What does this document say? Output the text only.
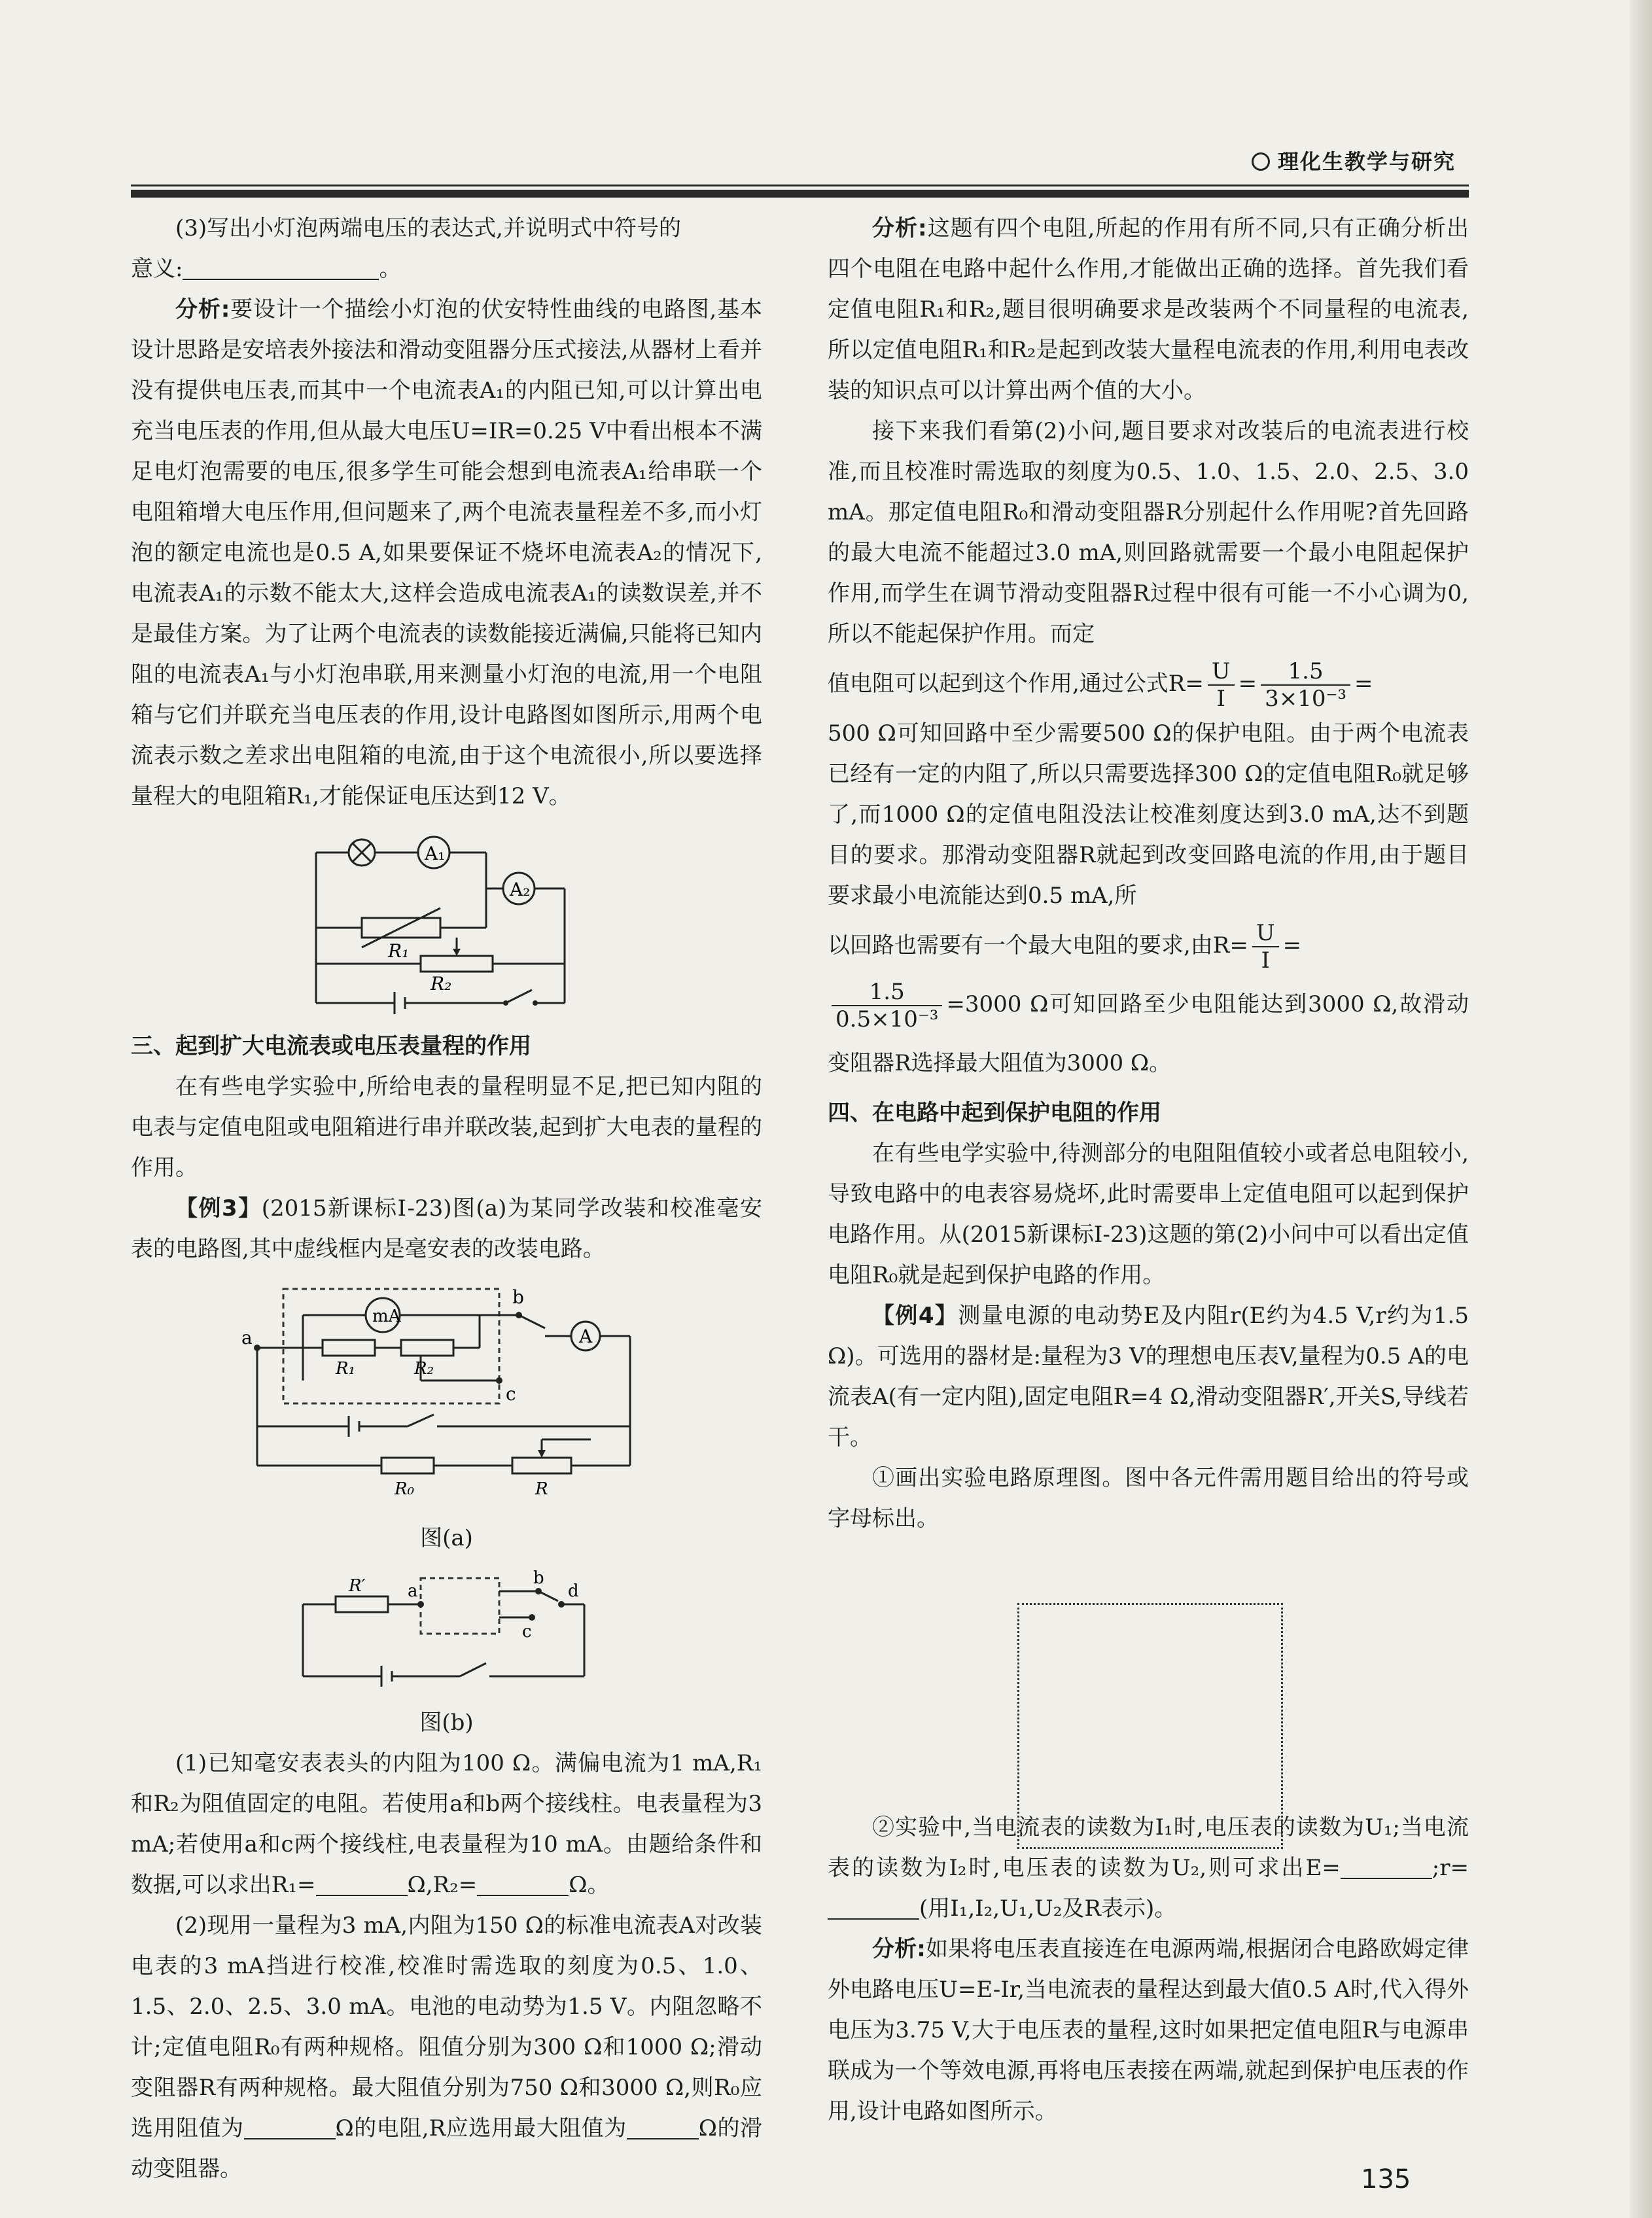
理化生教学与研究

(3)写出小灯泡两端电压的表达式,并说明式中符号的

意义:	。

分析:要设计一个描绘小灯泡的伏安特性曲线的电路图,基本设计思路是安培表外接法和滑动变阻器分压式接法,从器材上看并没有提供电压表,而其中一个电流表A₁的内阻已知,可以计算出电充当电压表的作用,但从最大电压U=IR=0.25 V中看出根本不满足电灯泡需要的电压,很多学生可能会想到电流表A₁给串联一个电阻箱增大电压作用,但问题来了,两个电流表量程差不多,而小灯泡的额定电流也是0.5 A,如果要保证不烧坏电流表A₂的情况下,电流表A₁的示数不能太大,这样会造成电流表A₁的读数误差,并不是最佳方案。为了让两个电流表的读数能接近满偏,只能将已知内阻的电流表A₁与小灯泡串联,用来测量小灯泡的电流,用一个电阻箱与它们并联充当电压表的作用,设计电路图如图所示,用两个电流表示数之差求出电阻箱的电流,由于这个电流很小,所以要选择量程大的电阻箱R₁,才能保证电压达到12 V。

A₁
A₂
R₁
R₂

三、起到扩大电流表或电压表量程的作用

在有些电学实验中,所给电表的量程明显不足,把已知内阻的电表与定值电阻或电阻箱进行串并联改装,起到扩大电表的量程的作用。

【例3】(2015新课标Ⅰ-23)图(a)为某同学改装和校准毫安表的电路图,其中虚线框内是毫安表的改装电路。

mA
A
a
b
c
R₁	R₂
R₀	R

图(a)

R′ a
b
c
d

图(b)

(1)已知毫安表表头的内阻为100 Ω。满偏电流为1 mA,R₁和R₂为阻值固定的电阻。若使用a和b两个接线柱。电表量程为3 mA;若使用a和c两个接线柱,电表量程为10 mA。由题给条件和数据,可以求出R₁=	Ω,R₂=	Ω。

(2)现用一量程为3 mA,内阻为150 Ω的标准电流表A对改装电表的3 mA挡进行校准,校准时需选取的刻度为0.5、1.0、1.5、2.0、2.5、3.0 mA。电池的电动势为1.5 V。内阻忽略不计;定值电阻R₀有两种规格。阻值分别为300 Ω和1000 Ω;滑动变阻器R有两种规格。最大阻值分别为750 Ω和3000 Ω,则R₀应选用阻值为	Ω的电阻,R应选用最大阻值为	Ω的滑动变阻器。

分析:这题有四个电阻,所起的作用有所不同,只有正确分析出四个电阻在电路中起什么作用,才能做出正确的选择。首先我们看定值电阻R₁和R₂,题目很明确要求是改装两个不同量程的电流表,所以定值电阻R₁和R₂是起到改装大量程电流表的作用,利用电表改装的知识点可以计算出两个值的大小。

接下来我们看第(2)小问,题目要求对改装后的电流表进行校准,而且校准时需选取的刻度为0.5、1.0、1.5、2.0、2.5、3.0 mA。那定值电阻R₀和滑动变阻器R分别起什么作用呢?首先回路的最大电流不能超过3.0 mA,则回路就需要一个最小电阻起保护作用,而学生在调节滑动变阻器R过程中很有可能一不小心调为0,所以不能起保护作用。而定

值电阻可以起到这个作用,通过公式$R= \frac{U}{I} = \frac{1.5}{\text{3×10⁻³}}$ =

500 Ω可知回路中至少需要500 Ω的保护电阻。由于两个电流表已经有一定的内阻了,所以只需要选择300 Ω的定值电阻R₀就足够了,而1000 Ω的定值电阻没法让校准刻度达到3.0 mA,达不到题目的要求。那滑动变阻器R就起到改变回路电流的作用,由于题目要求最小电流能达到0.5 mA,所

以回路也需要有一个最大电阻的要求,由$R= \frac{U}{I}$ =

$\frac{1.5}{\text{0.5×10⁻³}} =3000$ Ω可知回路至少电阻能达到3000 Ω,故滑动变阻器R选择最大阻值为3000 Ω。

四、在电路中起到保护电阻的作用

在有些电学实验中,待测部分的电阻阻值较小或者总电阻较小,导致电路中的电表容易烧坏,此时需要串上定值电阻可以起到保护电路作用。从(2015新课标Ⅰ-23)这题的第(2)小问中可以看出定值电阻R₀就是起到保护电路的作用。

【例4】测量电源的电动势E及内阻r(E约为4.5 V,r约为1.5 Ω)。可选用的器材是:量程为3 V的理想电压表V,量程为0.5 A的电流表A(有一定内阻),固定电阻R=4 Ω,滑动变阻器R′,开关S,导线若干。

①画出实验电路原理图。图中各元件需用题目给出的符号或字母标出。

②实验中,当电流表的读数为I₁时,电压表的读数为U₁;当电流表的读数为I₂时,电压表的读数为U₂,则可求出E=	;r=(用I₁,I₂,U₁,U₂及R表示)。

分析:如果将电压表直接连在电源两端,根据闭合电路欧姆定律外电路电压U=E-Ir,当电流表的量程达到最大值0.5 A时,代入得外电压为3.75 V,大于电压表的量程,这时如果把定值电阻R与电源串联成为一个等效电源,再将电压表接在两端,就起到保护电压表的作用,设计电路如图所示。

135
